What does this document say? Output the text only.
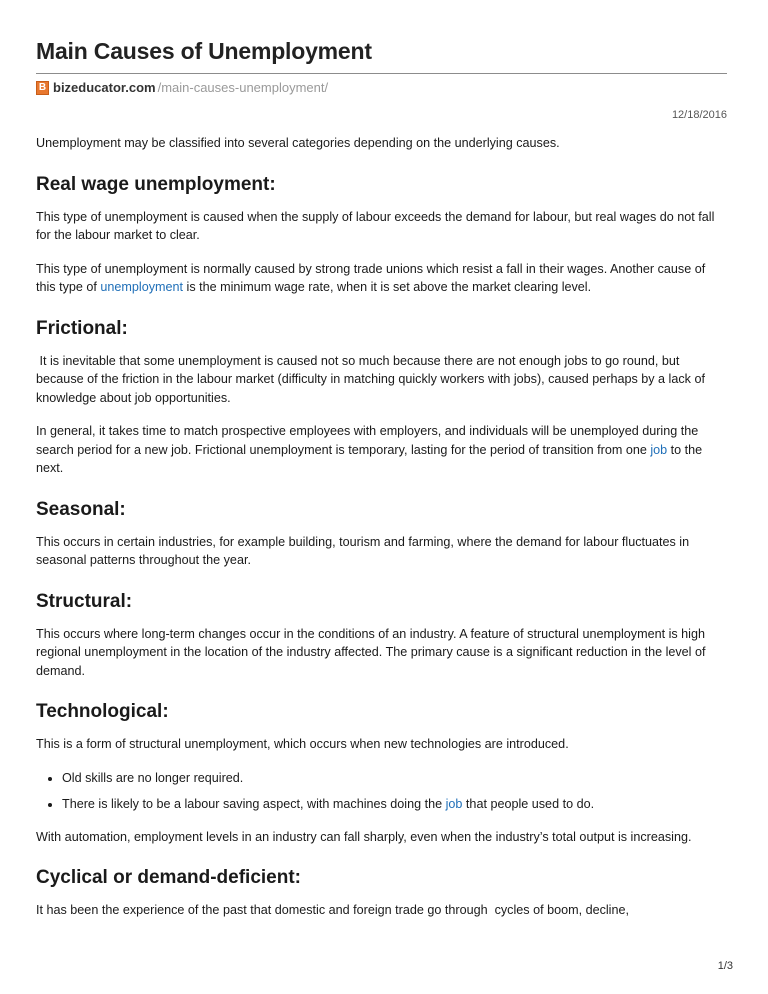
Main Causes of Unemployment
B bizeducator.com /main-causes-unemployment/
12/18/2016

Unemployment may be classified into several categories depending on the underlying causes.

Real wage unemployment:

This type of unemployment is caused when the supply of labour exceeds the demand for labour, but real wages do not fall for the labour market to clear.

This type of unemployment is normally caused by strong trade unions which resist a fall in their wages. Another cause of this type of unemployment is the minimum wage rate, when it is set above the market clearing level.

Frictional:

It is inevitable that some unemployment is caused not so much because there are not enough jobs to go round, but because of the friction in the labour market (difficulty in matching quickly workers with jobs), caused perhaps by a lack of knowledge about job opportunities.

In general, it takes time to match prospective employees with employers, and individuals will be unemployed during the search period for a new job. Frictional unemployment is temporary, lasting for the period of transition from one job to the next.

Seasonal:

This occurs in certain industries, for example building, tourism and farming, where the demand for labour fluctuates in seasonal patterns throughout the year.

Structural:

This occurs where long-term changes occur in the conditions of an industry. A feature of structural unemployment is high regional unemployment in the location of the industry affected. The primary cause is a significant reduction in the level of demand.

Technological:

This is a form of structural unemployment, which occurs when new technologies are introduced.

• Old skills are no longer required.
• There is likely to be a labour saving aspect, with machines doing the job that people used to do.

With automation, employment levels in an industry can fall sharply, even when the industry’s total output is increasing.

Cyclical or demand-deficient:

It has been the experience of the past that domestic and foreign trade go through  cycles of boom, decline,

1/3
